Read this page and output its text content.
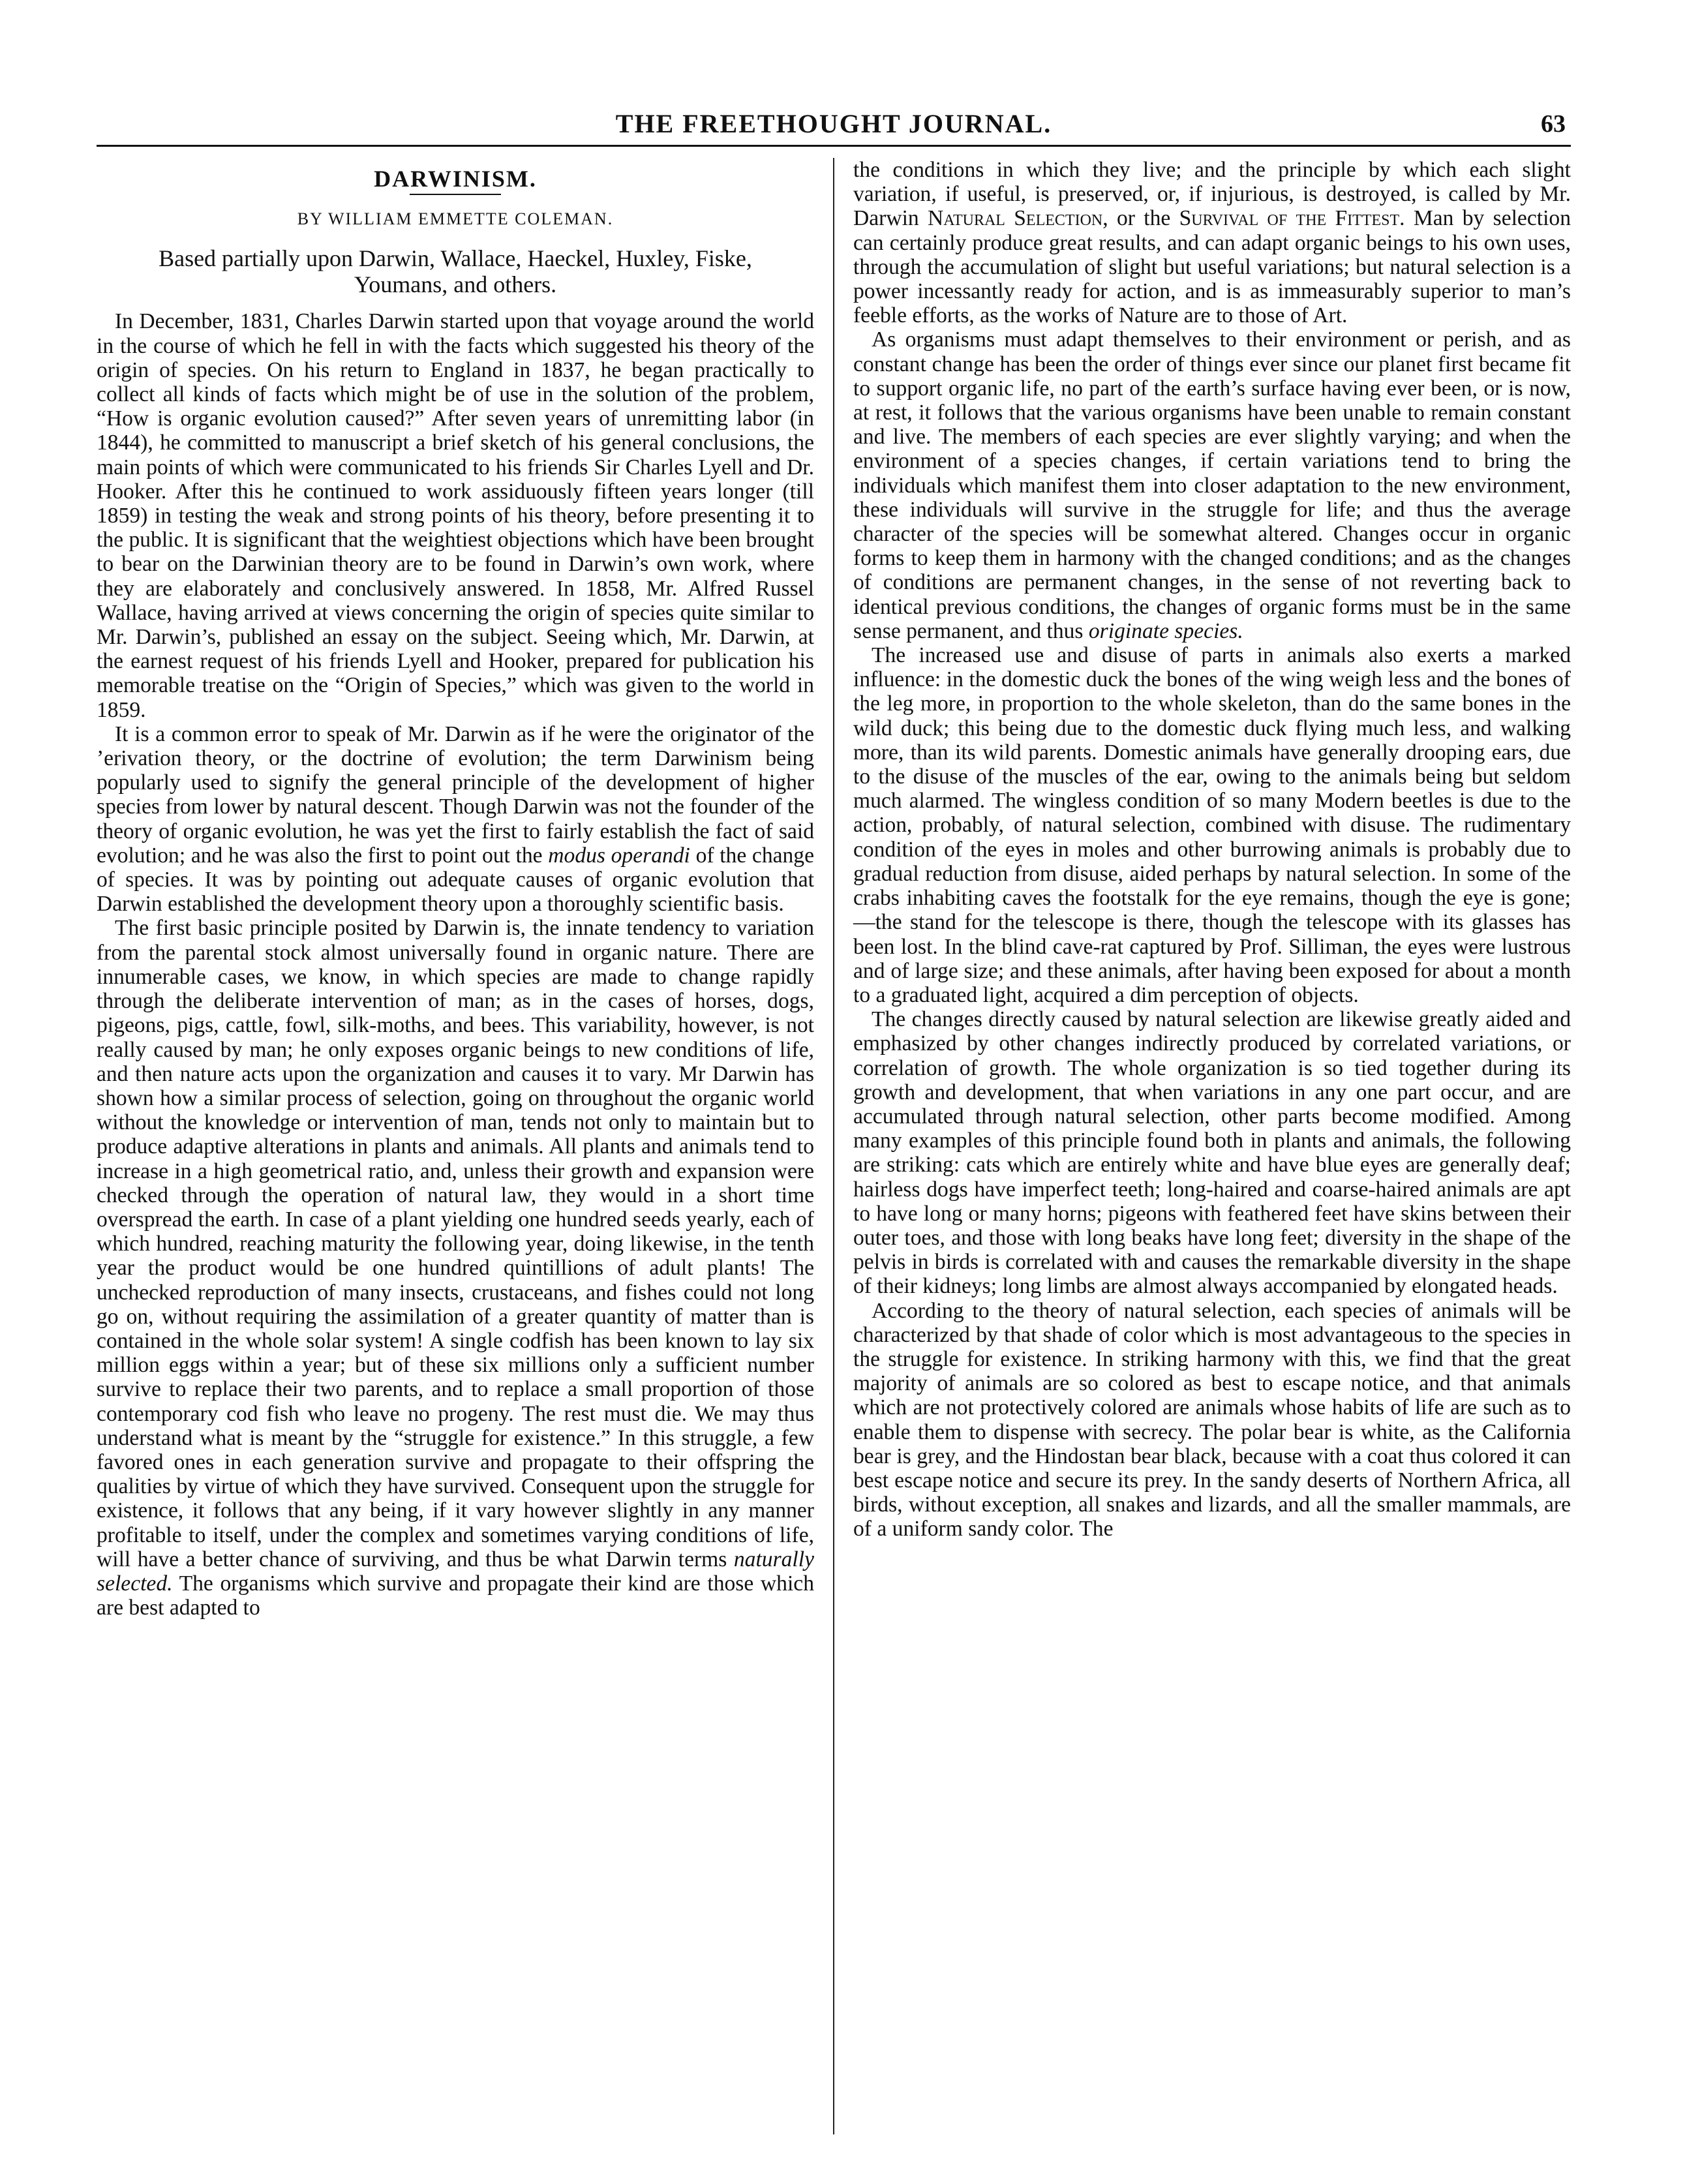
THE FREETHOUGHT JOURNAL.	63
DARWINISM.
BY WILLIAM EMMETTE COLEMAN.
Based partially upon Darwin, Wallace, Haeckel, Huxley, Fiske, Youmans, and others.

In December, 1831, Charles Darwin started upon that voyage around the world in the course of which he fell in with the facts which suggested his theory of the origin of species. On his return to England in 1837, he began practically to collect all kinds of facts which might be of use in the solution of the problem, “How is organic evolution caused?” After seven years of unremitting labor (in 1844), he committed to manuscript a brief sketch of his general conclusions, the main points of which were communicated to his friends Sir Charles Lyell and Dr. Hooker. After this he continued to work assiduously fifteen years longer (till 1859) in testing the weak and strong points of his theory, before presenting it to the public. It is significant that the weightiest objections which have been brought to bear on the Darwinian theory are to be found in Darwin’s own work, where they are elaborately and conclusively answered. In 1858, Mr. Alfred Russel Wallace, having arrived at views concerning the origin of species quite similar to Mr. Darwin’s, published an essay on the subject. Seeing which, Mr. Darwin, at the earnest request of his friends Lyell and Hooker, prepared for publication his memorable treatise on the “Origin of Species,” which was given to the world in 1859.

It is a common error to speak of Mr. Darwin as if he were the originator of the ’erivation theory, or the doctrine of evolution; the term Darwinism being popularly used to signify the general principle of the development of higher species from lower by natural descent. Though Darwin was not the founder of the theory of organic evolution, he was yet the first to fairly establish the fact of said evolution; and he was also the first to point out the modus operandi of the change of species. It was by pointing out adequate causes of organic evolution that Darwin established the development theory upon a thoroughly scientific basis.

The first basic principle posited by Darwin is, the innate tendency to variation from the parental stock almost universally found in organic nature. There are innumerable cases, we know, in which species are made to change rapidly through the deliberate intervention of man; as in the cases of horses, dogs, pigeons, pigs, cattle, fowl, silk-moths, and bees. This variability, however, is not really caused by man; he only exposes organic beings to new conditions of life, and then nature acts upon the organization and causes it to vary. Mr Darwin has shown how a similar process of selection, going on throughout the organic world without the knowledge or intervention of man, tends not only to maintain but to produce adaptive alterations in plants and animals. All plants and animals tend to increase in a high geometrical ratio, and, unless their growth and expansion were checked through the operation of natural law, they would in a short time overspread the earth. In case of a plant yielding one hundred seeds yearly, each of which hundred, reaching maturity the following year, doing likewise, in the tenth year the product would be one hundred quintillions of adult plants! The unchecked reproduction of many insects, crustaceans, and fishes could not long go on, without requiring the assimilation of a greater quantity of matter than is contained in the whole solar system! A single codfish has been known to lay six million eggs within a year; but of these six millions only a sufficient number survive to replace their two parents, and to replace a small proportion of those contemporary cod fish who leave no progeny. The rest must die. We may thus understand what is meant by the “struggle for existence.” In this struggle, a few favored ones in each generation survive and propagate to their offspring the qualities by virtue of which they have survived. Consequent upon the struggle for existence, it follows that any being, if it vary however slightly in any manner profitable to itself, under the complex and sometimes varying conditions of life, will have a better chance of surviving, and thus be what Darwin terms naturally selected. The organisms which survive and propagate their kind are those which are best adapted to

the conditions in which they live; and the principle by which each slight variation, if useful, is preserved, or, if injurious, is destroyed, is called by Mr. Darwin Natural Selection, or the Survival of the Fittest. Man by selection can certainly produce great results, and can adapt organic beings to his own uses, through the accumulation of slight but useful variations; but natural selection is a power incessantly ready for action, and is as immeasurably superior to man’s feeble efforts, as the works of Nature are to those of Art.

As organisms must adapt themselves to their environment or perish, and as constant change has been the order of things ever since our planet first became fit to support organic life, no part of the earth’s surface having ever been, or is now, at rest, it follows that the various organisms have been unable to remain constant and live. The members of each species are ever slightly varying; and when the environment of a species changes, if certain variations tend to bring the individuals which manifest them into closer adaptation to the new environment, these individuals will survive in the struggle for life; and thus the average character of the species will be somewhat altered. Changes occur in organic forms to keep them in harmony with the changed conditions; and as the changes of conditions are permanent changes, in the sense of not reverting back to identical previous conditions, the changes of organic forms must be in the same sense permanent, and thus originate species.

The increased use and disuse of parts in animals also exerts a marked influence: in the domestic duck the bones of the wing weigh less and the bones of the leg more, in proportion to the whole skeleton, than do the same bones in the wild duck; this being due to the domestic duck flying much less, and walking more, than its wild parents. Domestic animals have generally drooping ears, due to the disuse of the muscles of the ear, owing to the animals being but seldom much alarmed. The wingless condition of so many Modern beetles is due to the action, probably, of natural selection, combined with disuse. The rudimentary condition of the eyes in moles and other burrowing animals is probably due to gradual reduction from disuse, aided perhaps by natural selection. In some of the crabs inhabiting caves the footstalk for the eye remains, though the eye is gone;—the stand for the telescope is there, though the telescope with its glasses has been lost. In the blind cave-rat captured by Prof. Silliman, the eyes were lustrous and of large size; and these animals, after having been exposed for about a month to a graduated light, acquired a dim perception of objects.

The changes directly caused by natural selection are likewise greatly aided and emphasized by other changes indirectly produced by correlated variations, or correlation of growth. The whole organization is so tied together during its growth and development, that when variations in any one part occur, and are accumulated through natural selection, other parts become modified. Among many examples of this principle found both in plants and animals, the following are striking: cats which are entirely white and have blue eyes are generally deaf; hairless dogs have imperfect teeth; long-haired and coarse-haired animals are apt to have long or many horns; pigeons with feathered feet have skins between their outer toes, and those with long beaks have long feet; diversity in the shape of the pelvis in birds is correlated with and causes the remarkable diversity in the shape of their kidneys; long limbs are almost always accompanied by elongated heads.

According to the theory of natural selection, each species of animals will be characterized by that shade of color which is most advantageous to the species in the struggle for existence. In striking harmony with this, we find that the great majority of animals are so colored as best to escape notice, and that animals which are not protectively colored are animals whose habits of life are such as to enable them to dispense with secrecy. The polar bear is white, as the California bear is grey, and the Hindostan bear black, because with a coat thus colored it can best escape notice and secure its prey. In the sandy deserts of Northern Africa, all birds, without exception, all snakes and lizards, and all the smaller mammals, are of a uniform sandy color. The
